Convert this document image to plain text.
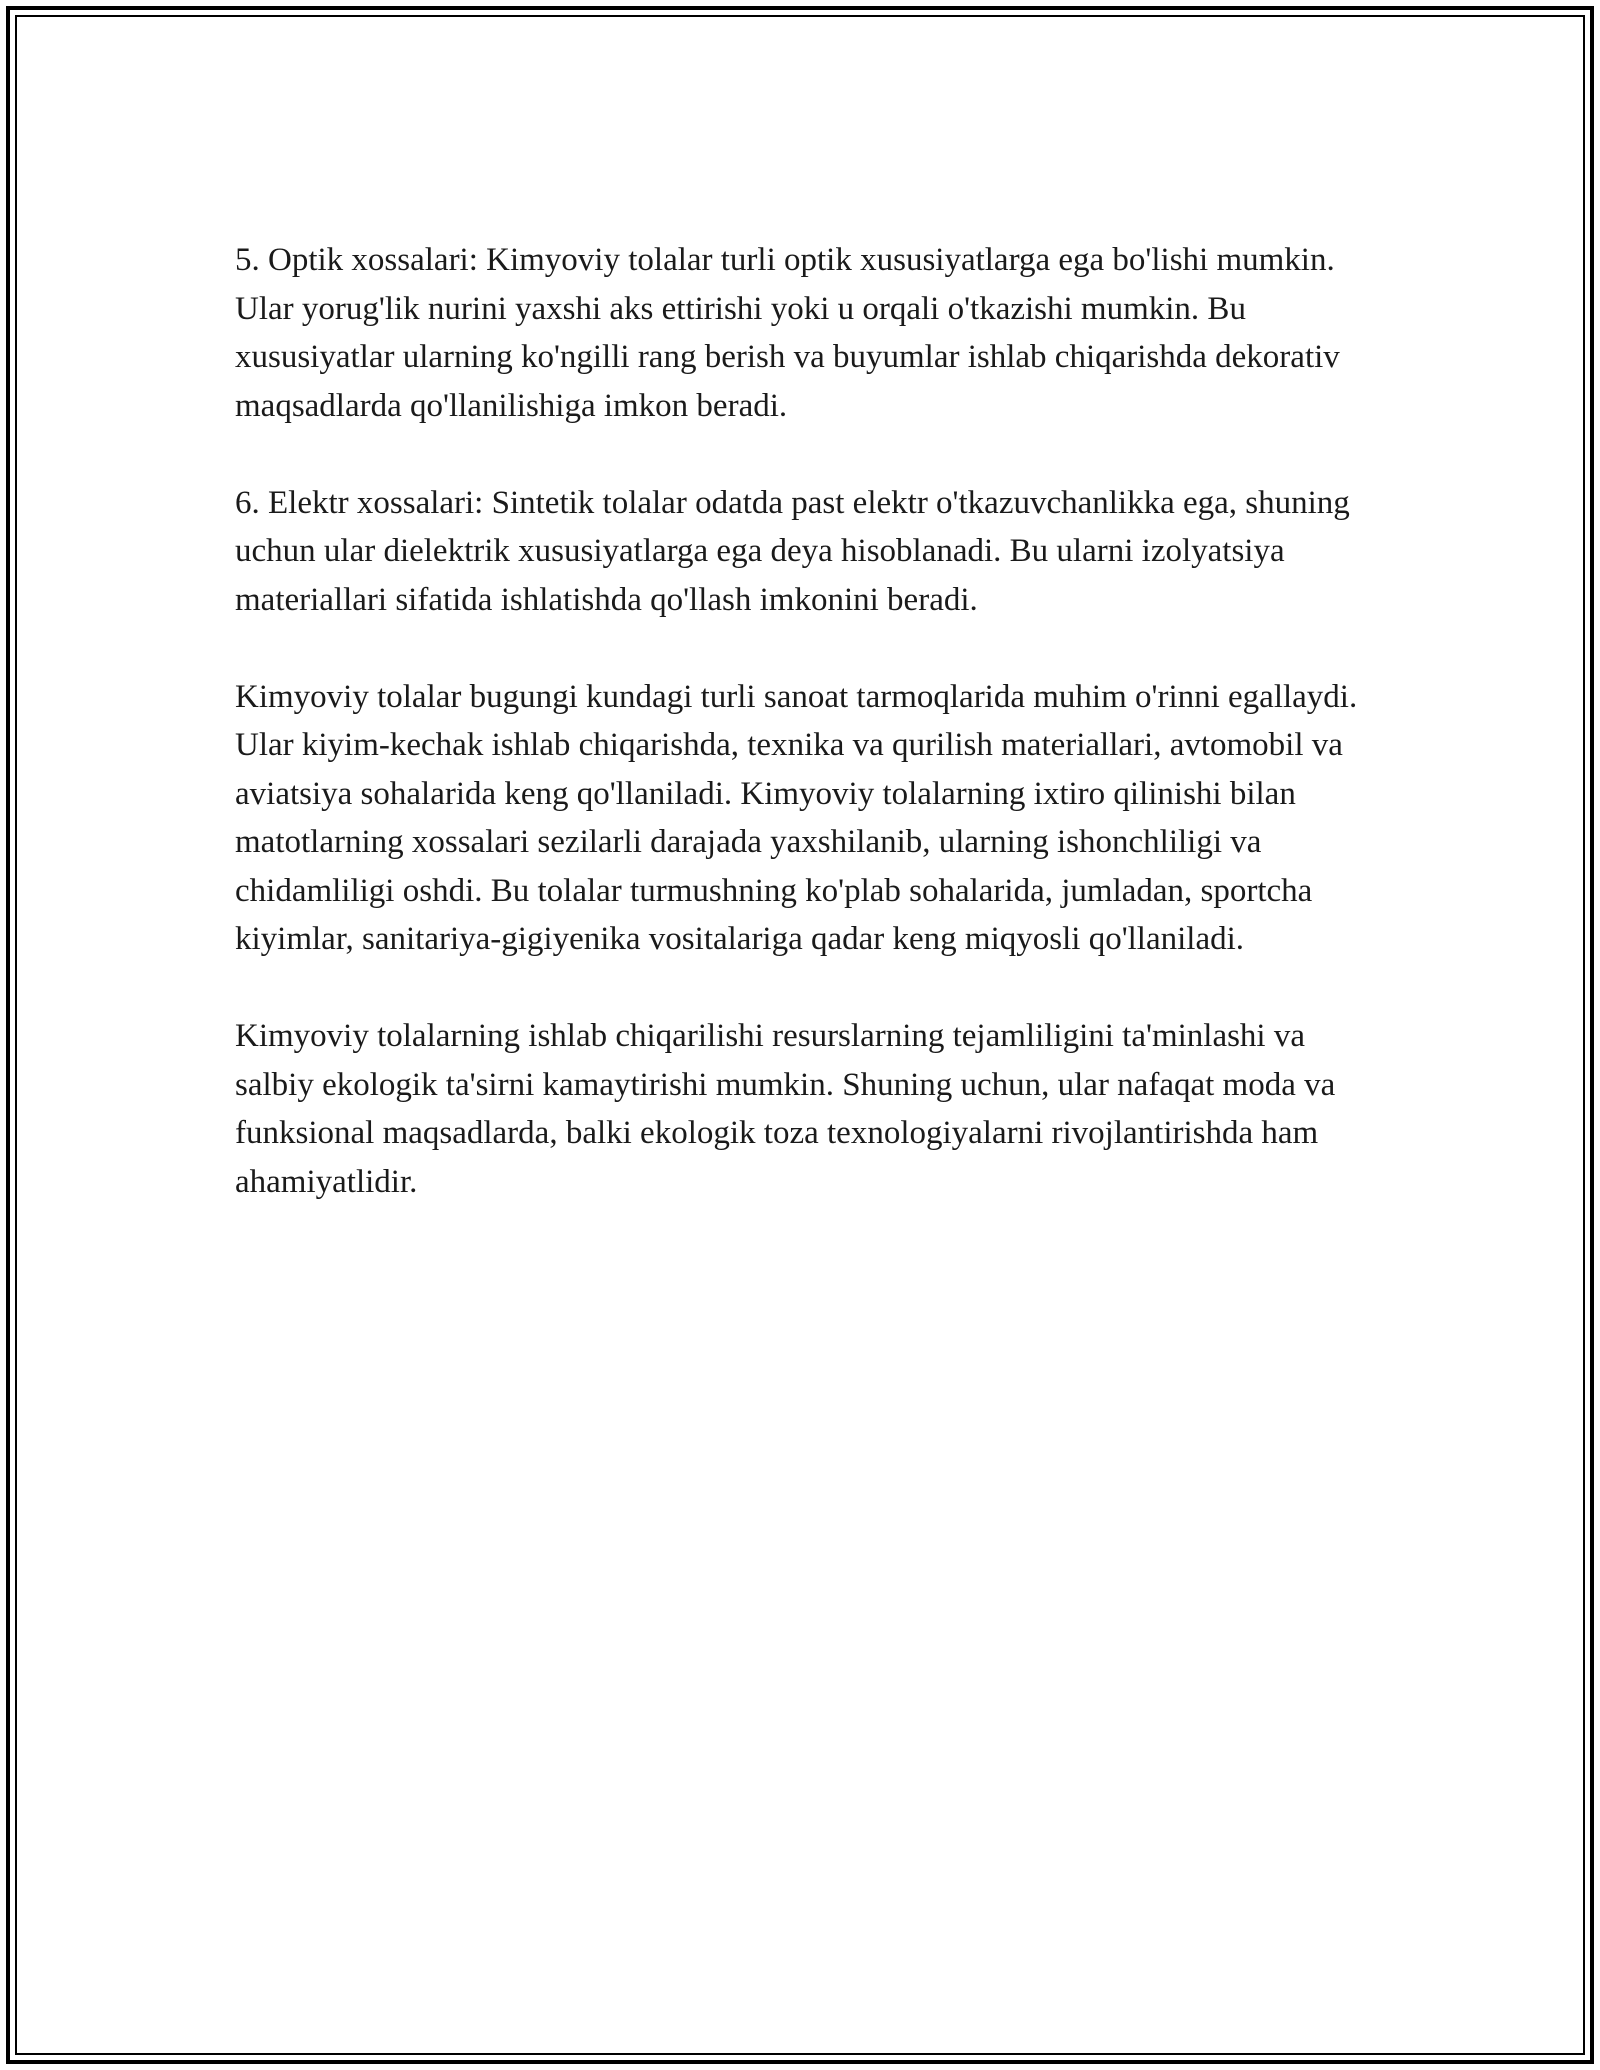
5. Optik xossalari: Kimyoviy tolalar turli optik xususiyatlarga ega bo'lishi mumkin. Ular yorug'lik nurini yaxshi aks ettirishi yoki u orqali o'tkazishi mumkin. Bu xususiyatlar ularning ko'ngilli rang berish va buyumlar ishlab chiqarishda dekorativ maqsadlarda qo'llanilishiga imkon beradi.

6. Elektr xossalari: Sintetik tolalar odatda past elektr o'tkazuvchanlikka ega, shuning uchun ular dielektrik xususiyatlarga ega deya hisoblanadi. Bu ularni izolyatsiya materiallari sifatida ishlatishda qo'llash imkonini beradi.

Kimyoviy tolalar bugungi kundagi turli sanoat tarmoqlarida muhim o'rinni egallaydi. Ular kiyim-kechak ishlab chiqarishda, texnika va qurilish materiallari, avtomobil va aviatsiya sohalarida keng qo'llaniladi. Kimyoviy tolalarning ixtiro qilinishi bilan matotlarning xossalari sezilarli darajada yaxshilanib, ularning ishonchliligi va chidamliligi oshdi. Bu tolalar turmushning ko'plab sohalarida, jumladan, sportcha kiyimlar, sanitariya-gigiyenika vositalariga qadar keng miqyosli qo'llaniladi.

Kimyoviy tolalarning ishlab chiqarilishi resurslarning tejamliligini ta'minlashi va salbiy ekologik ta'sirni kamaytirishi mumkin. Shuning uchun, ular nafaqat moda va funksional maqsadlarda, balki ekologik toza texnologiyalarni rivojlantirishda ham ahamiyatlidir.
